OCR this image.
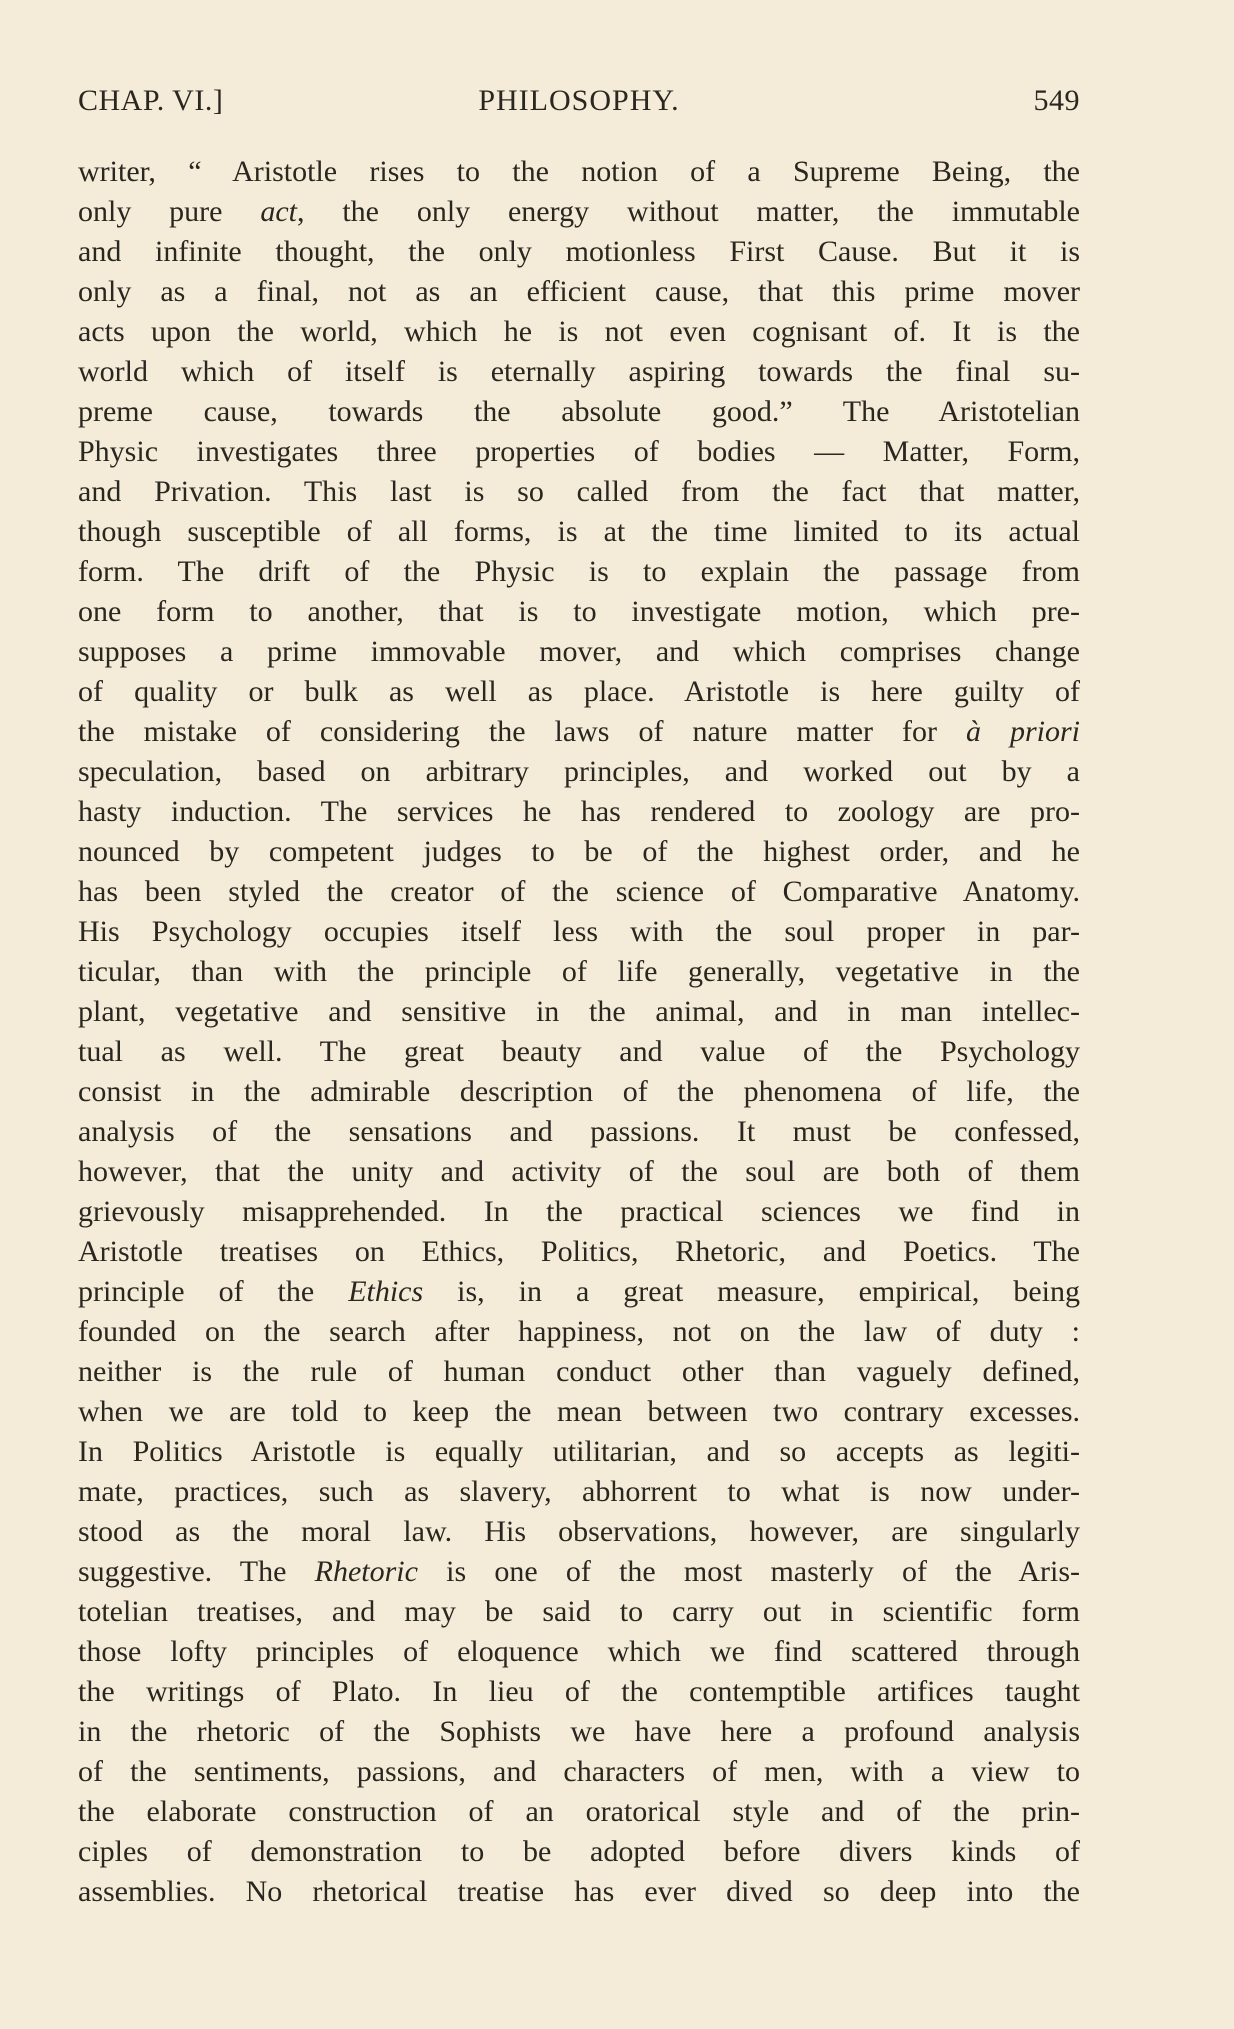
CHAP. VI.]	PHILOSOPHY.	549
writer, “ Aristotle rises to the notion of a Supreme Being, the
only pure act, the only energy without matter, the immutable
and infinite thought, the only motionless First Cause. But it is
only as a final, not as an efficient cause, that this prime mover
acts upon the world, which he is not even cognisant of. It is the
world which of itself is eternally aspiring towards the final su-
preme cause, towards the absolute good.” The Aristotelian
Physic investigates three properties of bodies — Matter, Form,
and Privation. This last is so called from the fact that matter,
though susceptible of all forms, is at the time limited to its actual
form. The drift of the Physic is to explain the passage from
one form to another, that is to investigate motion, which pre-
supposes a prime immovable mover, and which comprises change
of quality or bulk as well as place. Aristotle is here guilty of
the mistake of considering the laws of nature matter for à priori
speculation, based on arbitrary principles, and worked out by a
hasty induction. The services he has rendered to zoology are pro-
nounced by competent judges to be of the highest order, and he
has been styled the creator of the science of Comparative Anatomy.
His Psychology occupies itself less with the soul proper in par-
ticular, than with the principle of life generally, vegetative in the
plant, vegetative and sensitive in the animal, and in man intellec-
tual as well. The great beauty and value of the Psychology
consist in the admirable description of the phenomena of life, the
analysis of the sensations and passions. It must be confessed,
however, that the unity and activity of the soul are both of them
grievously misapprehended. In the practical sciences we find in
Aristotle treatises on Ethics, Politics, Rhetoric, and Poetics. The
principle of the Ethics is, in a great measure, empirical, being
founded on the search after happiness, not on the law of duty :
neither is the rule of human conduct other than vaguely defined,
when we are told to keep the mean between two contrary excesses.
In Politics Aristotle is equally utilitarian, and so accepts as legiti-
mate, practices, such as slavery, abhorrent to what is now under-
stood as the moral law. His observations, however, are singularly
suggestive. The Rhetoric is one of the most masterly of the Aris-
totelian treatises, and may be said to carry out in scientific form
those lofty principles of eloquence which we find scattered through
the writings of Plato. In lieu of the contemptible artifices taught
in the rhetoric of the Sophists we have here a profound analysis
of the sentiments, passions, and characters of men, with a view to
the elaborate construction of an oratorical style and of the prin-
ciples of demonstration to be adopted before divers kinds of
assemblies. No rhetorical treatise has ever dived so deep into the
